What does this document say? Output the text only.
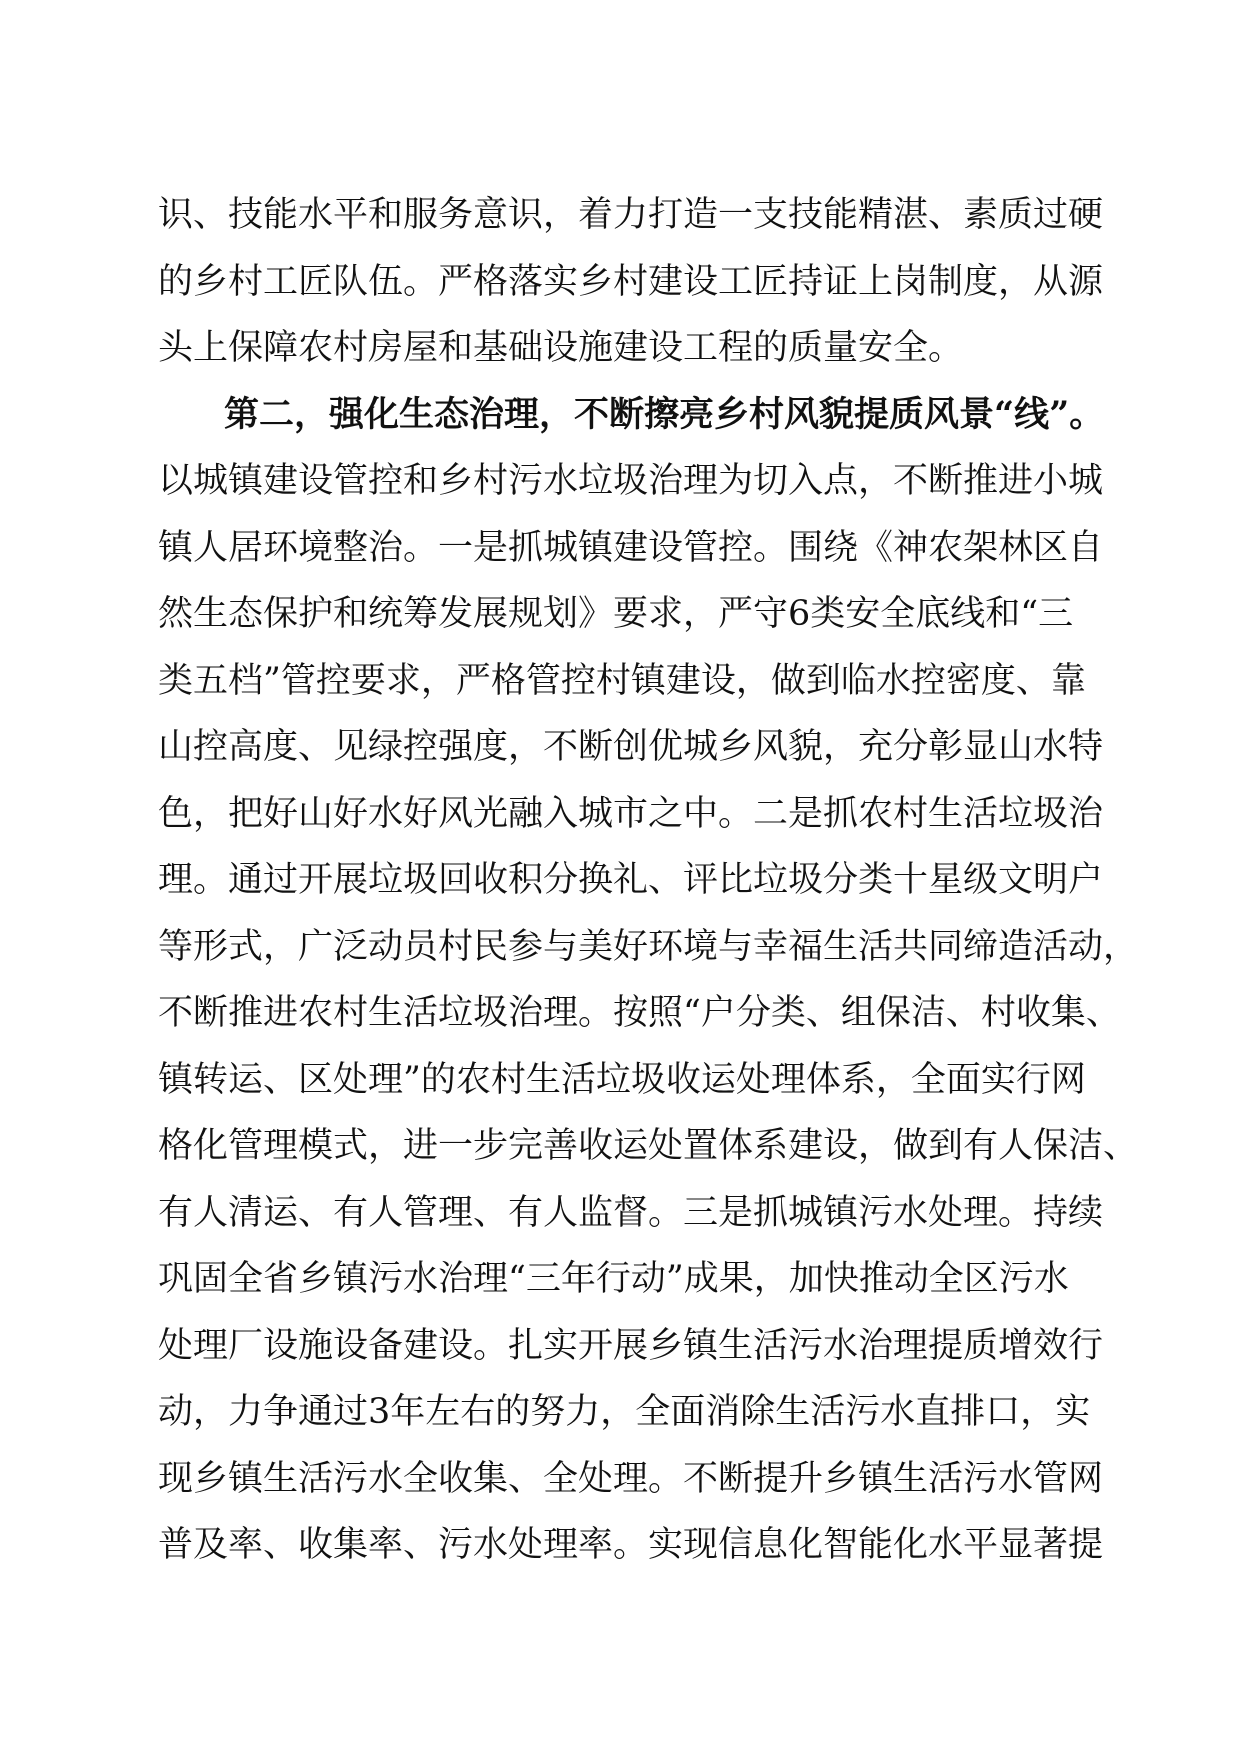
识、技能水平和服务意识，着力打造一支技能精湛、素质过硬
的乡村工匠队伍。严格落实乡村建设工匠持证上岗制度，从源
头上保障农村房屋和基础设施建设工程的质量安全。
第二，强化生态治理，不断擦亮乡村风貌提质风景“线”。
以城镇建设管控和乡村污水垃圾治理为切入点，不断推进小城
镇人居环境整治。一是抓城镇建设管控。围绕《神农架林区自
然生态保护和统筹发展规划》要求，严守6类安全底线和“三
类五档”管控要求，严格管控村镇建设，做到临水控密度、靠
山控高度、见绿控强度，不断创优城乡风貌，充分彰显山水特
色，把好山好水好风光融入城市之中。二是抓农村生活垃圾治
理。通过开展垃圾回收积分换礼、评比垃圾分类十星级文明户
等形式，广泛动员村民参与美好环境与幸福生活共同缔造活动，
不断推进农村生活垃圾治理。按照“户分类、组保洁、村收集、
镇转运、区处理”的农村生活垃圾收运处理体系，全面实行网
格化管理模式，进一步完善收运处置体系建设，做到有人保洁、
有人清运、有人管理、有人监督。三是抓城镇污水处理。持续
巩固全省乡镇污水治理“三年行动”成果，加快推动全区污水
处理厂设施设备建设。扎实开展乡镇生活污水治理提质增效行
动，力争通过3年左右的努力，全面消除生活污水直排口，实
现乡镇生活污水全收集、全处理。不断提升乡镇生活污水管网
普及率、收集率、污水处理率。实现信息化智能化水平显著提
